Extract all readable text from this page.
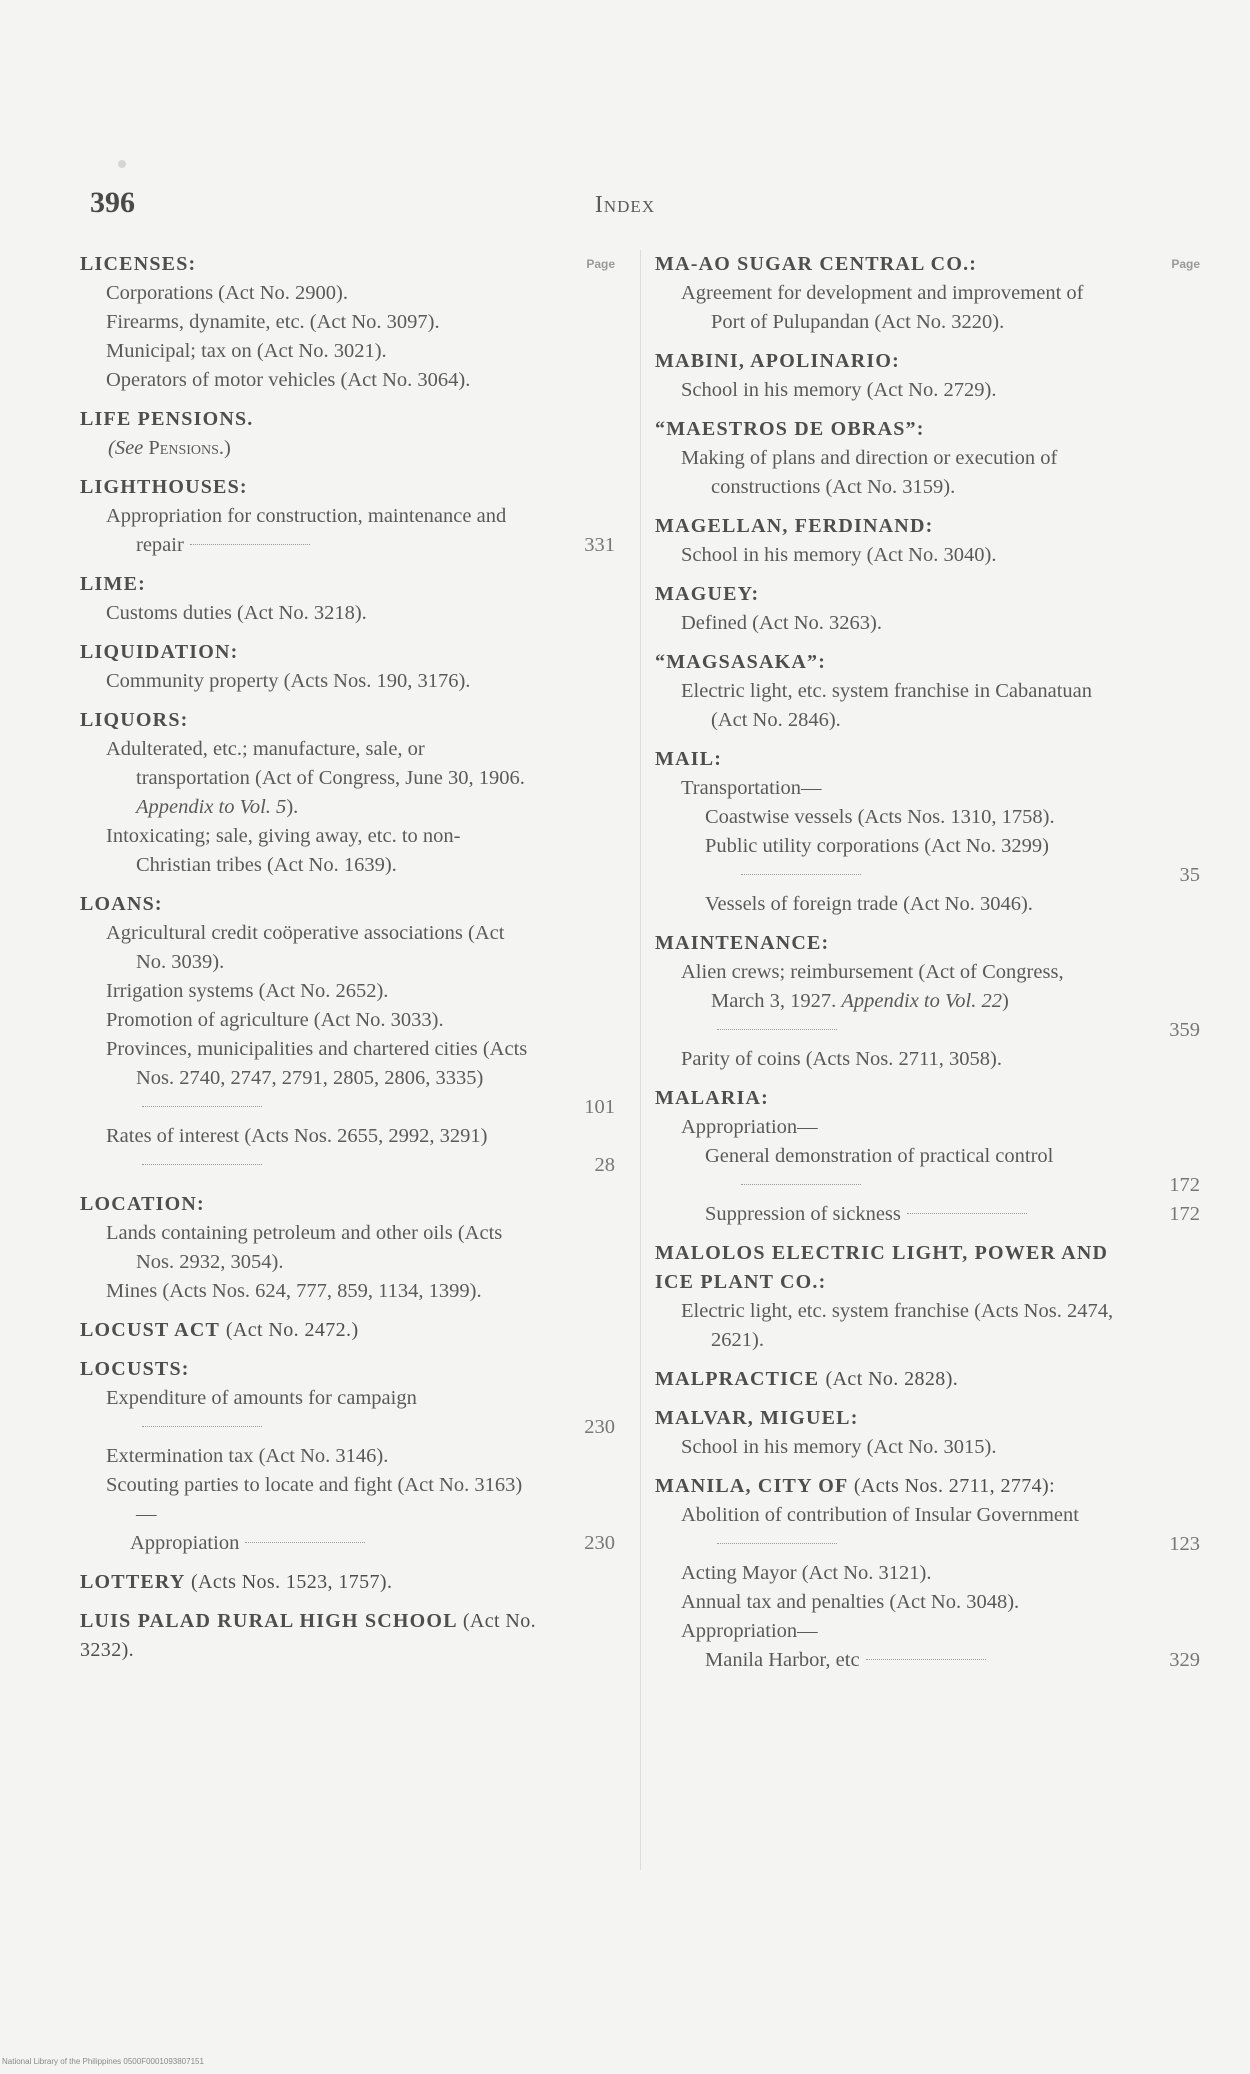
396	Index
Page
LICENSES:
Corporations (Act No. 2900).
Firearms, dynamite, etc. (Act No. 3097).
Municipal; tax on (Act No. 3021).
Operators of motor vehicles (Act No. 3064).
LIFE PENSIONS.
(See Pensions.)
LIGHTHOUSES:
Appropriation for construction, maintenance and repair	331
LIME:
Customs duties (Act No. 3218).
LIQUIDATION:
Community property (Acts Nos. 190, 3176).
LIQUORS:
Adulterated, etc.; manufacture, sale, or transportation (Act of Congress, June 30, 1906. Appendix to Vol. 5).
Intoxicating; sale, giving away, etc. to non-Christian tribes (Act No. 1639).
LOANS:
Agricultural credit coöperative associations (Act No. 3039).
Irrigation systems (Act No. 2652).
Promotion of agriculture (Act No. 3033).
Provinces, municipalities and chartered cities (Acts Nos. 2740, 2747, 2791, 2805, 2806, 3335)
101
Rates of interest (Acts Nos. 2655, 2992, 3291)
28
LOCATION:
Lands containing petroleum and other oils (Acts Nos. 2932, 3054).
Mines (Acts Nos. 624, 777, 859, 1134, 1399).
LOCUST ACT (Act No. 2472.)
LOCUSTS:
Expenditure of amounts for campaign
230
Extermination tax (Act No. 3146).
Scouting parties to locate and fight (Act No. 3163)—
Appropiation	230
LOTTERY (Acts Nos. 1523, 1757).
LUIS PALAD RURAL HIGH SCHOOL (Act No. 3232).
Page
MA-AO SUGAR CENTRAL CO.:
Agreement for development and improvement of Port of Pulupandan (Act No. 3220).
MABINI, APOLINARIO:
School in his memory (Act No. 2729).
“MAESTROS DE OBRAS”:
Making of plans and direction or execution of constructions (Act No. 3159).
MAGELLAN, FERDINAND:
School in his memory (Act No. 3040).
MAGUEY:
Defined (Act No. 3263).
“MAGSASAKA”:
Electric light, etc. system franchise in Cabanatuan (Act No. 2846).
MAIL:
Transportation—
Coastwise vessels (Acts Nos. 1310, 1758).
Public utility corporations (Act No. 3299)
35
Vessels of foreign trade (Act No. 3046).
MAINTENANCE:
Alien crews; reimbursement (Act of Congress, March 3, 1927. Appendix to Vol. 22)
359
Parity of coins (Acts Nos. 2711, 3058).
MALARIA:
Appropriation—
General demonstration of practical control
172
Suppression of sickness	172
MALOLOS ELECTRIC LIGHT, POWER AND ICE PLANT CO.:
Electric light, etc. system franchise (Acts Nos. 2474, 2621).
MALPRACTICE (Act No. 2828).
MALVAR, MIGUEL:
School in his memory (Act No. 3015).
MANILA, CITY OF (Acts Nos. 2711, 2774):
Abolition of contribution of Insular Government
123
Acting Mayor (Act No. 3121).
Annual tax and penalties (Act No. 3048).
Appropriation—
Manila Harbor, etc	329
National Library of the Philippines 0500F0001093807151
